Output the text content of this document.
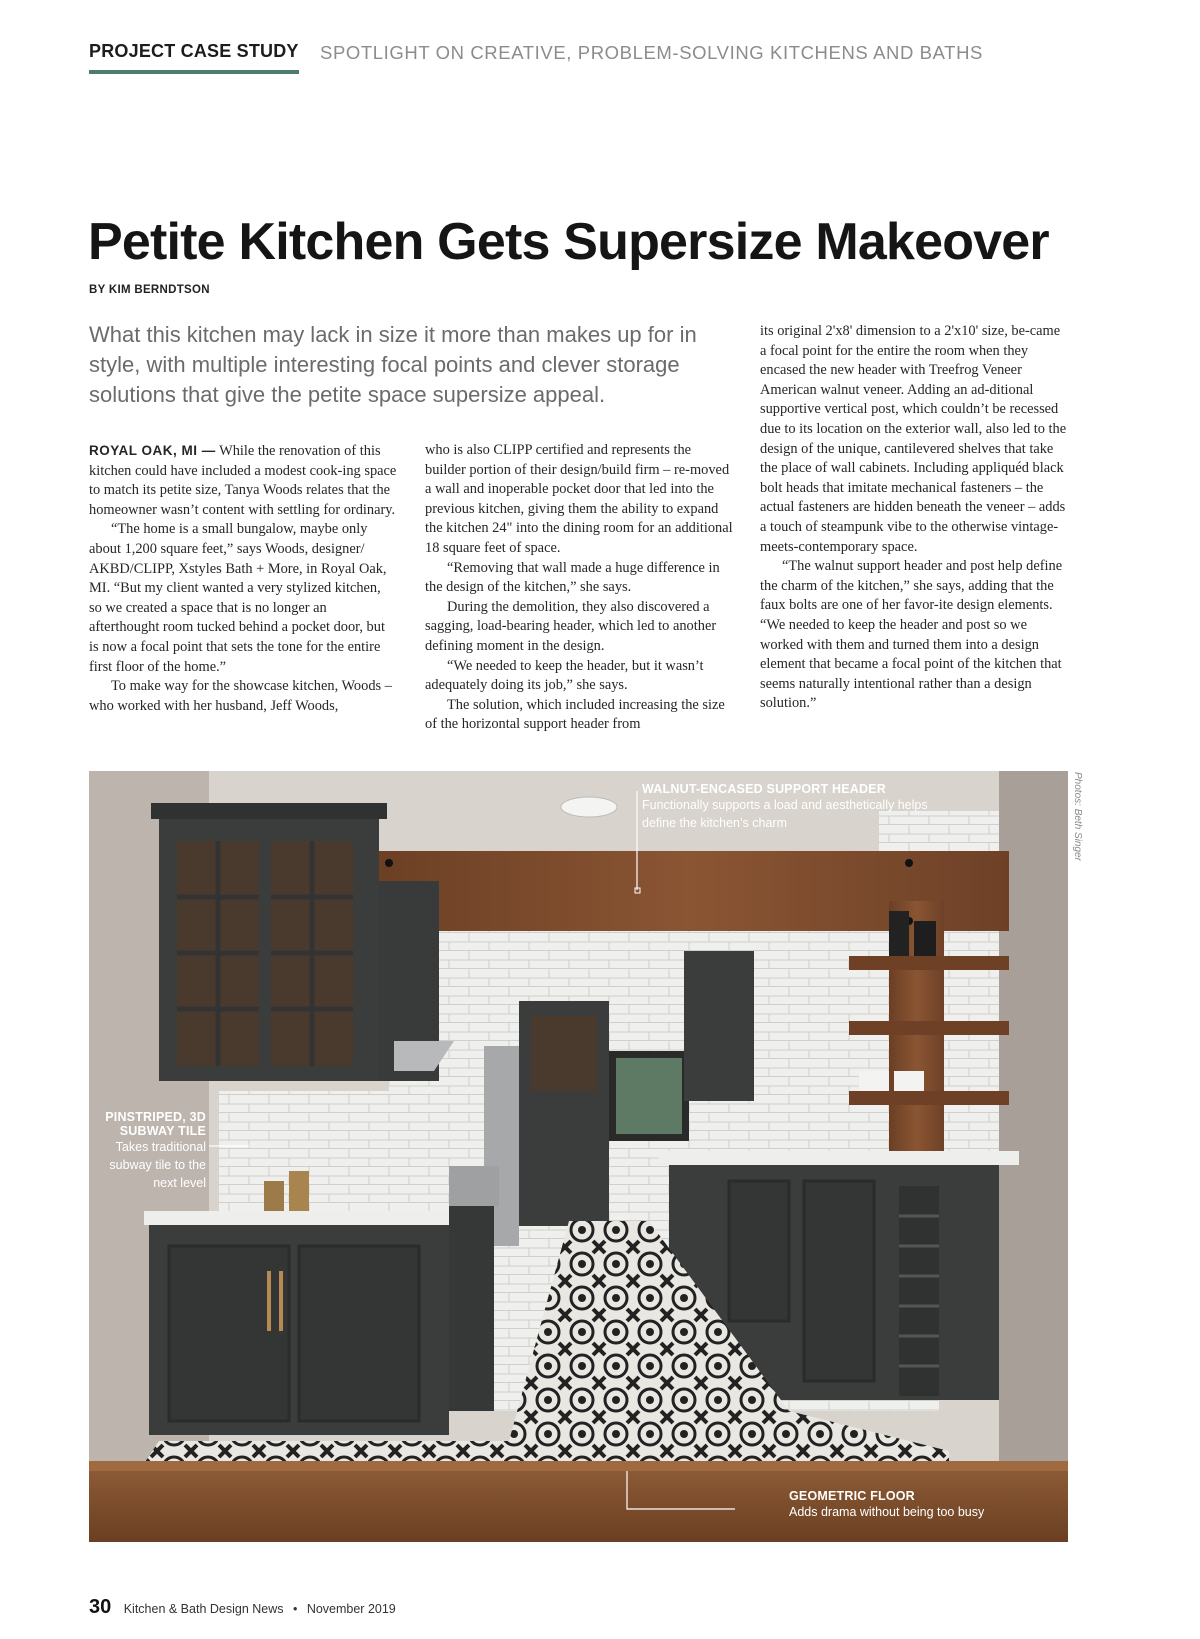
PROJECT CASE STUDY SPOTLIGHT ON CREATIVE, PROBLEM-SOLVING KITCHENS AND BATHS
Petite Kitchen Gets Supersize Makeover
BY KIM BERNDTSON
What this kitchen may lack in size it more than makes up for in style, with multiple interesting focal points and clever storage solutions that give the petite space supersize appeal.

ROYAL OAK, MI — While the renovation of this kitchen could have included a modest cook-ing space to match its petite size, Tanya Woods relates that the homeowner wasn’t content with settling for ordinary.

“The home is a small bungalow, maybe only about 1,200 square feet,” says Woods, designer/ AKBD/CLIPP, Xstyles Bath + More, in Royal Oak, MI. “But my client wanted a very stylized kitchen, so we created a space that is no longer an afterthought room tucked behind a pocket door, but is now a focal point that sets the tone for the entire first floor of the home.”

To make way for the showcase kitchen, Woods – who worked with her husband, Jeff Woods,

who is also CLIPP certified and represents the builder portion of their design/build firm – re-moved a wall and inoperable pocket door that led into the previous kitchen, giving them the ability to expand the kitchen 24" into the dining room for an additional 18 square feet of space.

“Removing that wall made a huge difference in the design of the kitchen,” she says.

During the demolition, they also discovered a sagging, load-bearing header, which led to another defining moment in the design.

“We needed to keep the header, but it wasn’t adequately doing its job,” she says.

The solution, which included increasing the size of the horizontal support header from

its original 2'x8' dimension to a 2'x10' size, be-came a focal point for the entire the room when they encased the new header with Treefrog Veneer American walnut veneer. Adding an ad-ditional supportive vertical post, which couldn’t be recessed due to its location on the exterior wall, also led to the design of the unique, cantilevered shelves that take the place of wall cabinets. Including appliquéd black bolt heads that imitate mechanical fasteners – the actual fasteners are hidden beneath the veneer – adds a touch of steampunk vibe to the otherwise vintage-meets-contemporary space.

“The walnut support header and post help define the charm of the kitchen,” she says, adding that the faux bolts are one of her favor-ite design elements. “We needed to keep the header and post so we worked with them and turned them into a design element that became a focal point of the kitchen that seems naturally intentional rather than a design solution.”

WALNUT-ENCASED SUPPORT HEADER
Functionally supports a load and aesthetically helps define the kitchen’s charm
PINSTRIPED, 3D
SUBWAY TILE
Takes traditional
subway tile to the
next level
GEOMETRIC FLOOR
Adds drama without being too busy
Photos: Beth Singer
30 Kitchen & Bath Design News • November 2019
